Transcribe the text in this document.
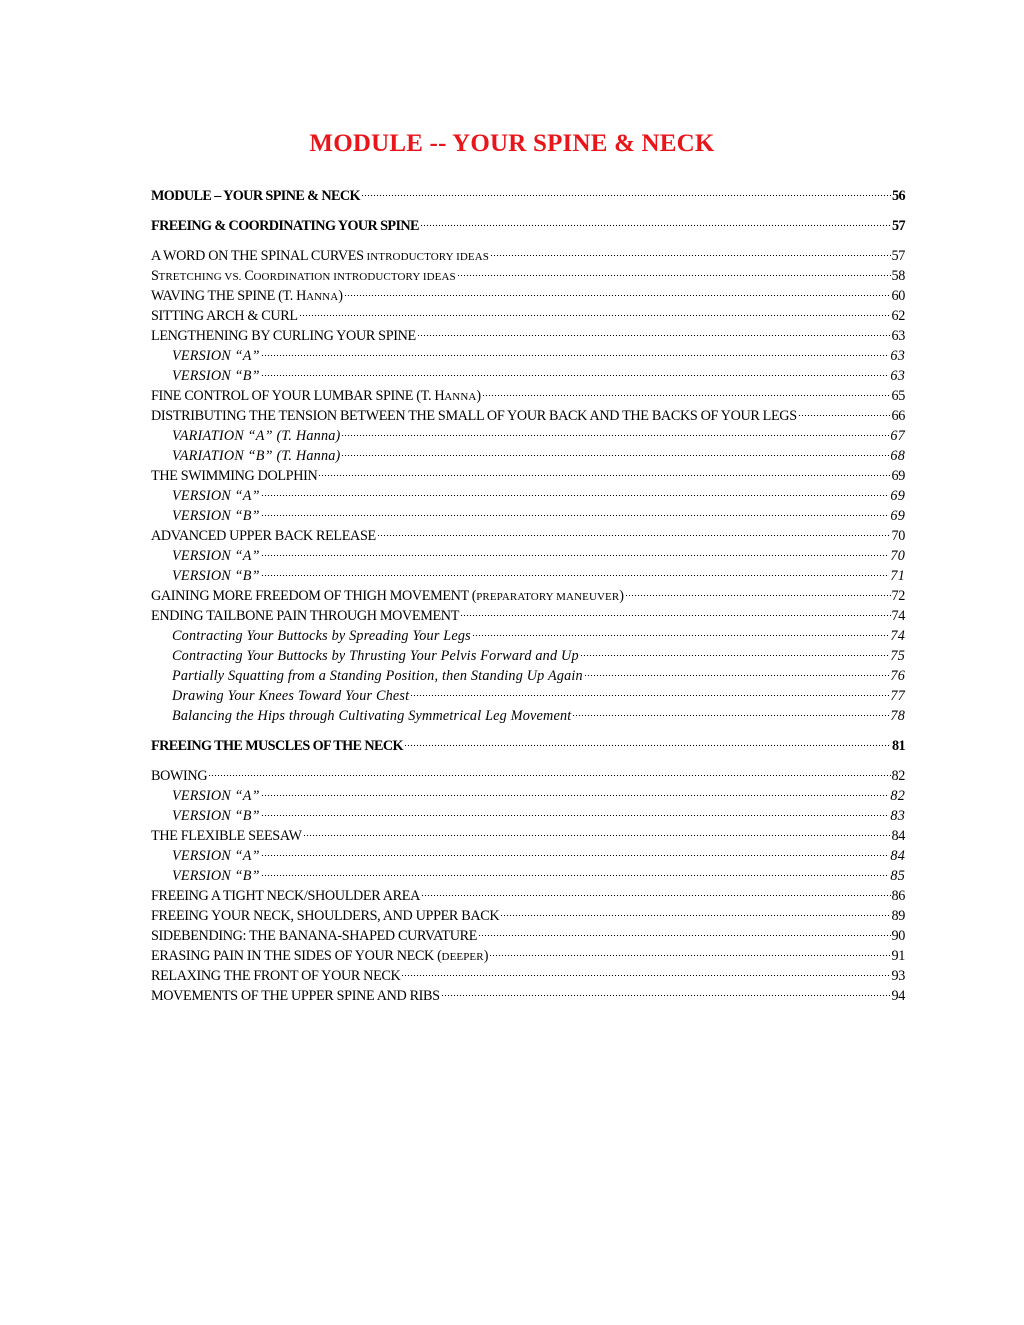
MODULE -- YOUR SPINE & NECK
MODULE – YOUR SPINE & NECK	56
FREEING & COORDINATING YOUR SPINE	57
A WORD ON THE SPINAL CURVES INTRODUCTORY IDEAS	57
STRETCHING VS. COORDINATION INTRODUCTORY IDEAS	58
WAVING THE SPINE (T. HANNA)	60
SITTING ARCH & CURL	62
LENGTHENING BY CURLING YOUR SPINE	63
VERSION “A”	63
VERSION “B”	63
FINE CONTROL OF YOUR LUMBAR SPINE (T. HANNA)	65
DISTRIBUTING THE TENSION BETWEEN THE SMALL OF YOUR BACK AND THE BACKS OF YOUR LEGS	66
VARIATION “A” (T. Hanna)	67
VARIATION “B” (T. Hanna)	68
THE SWIMMING DOLPHIN	69
VERSION “A”	69
VERSION “B”	69
ADVANCED UPPER BACK RELEASE	70
VERSION “A”	70
VERSION “B”	71
GAINING MORE FREEDOM OF THIGH MOVEMENT (PREPARATORY MANEUVER)	72
ENDING TAILBONE PAIN THROUGH MOVEMENT	74
Contracting Your Buttocks by Spreading Your Legs	74
Contracting Your Buttocks by Thrusting Your Pelvis Forward and Up	75
Partially Squatting from a Standing Position, then Standing Up Again	76
Drawing Your Knees Toward Your Chest	77
Balancing the Hips through Cultivating Symmetrical Leg Movement	78
FREEING THE MUSCLES OF THE NECK	81
BOWING	82
VERSION “A”	82
VERSION “B”	83
THE FLEXIBLE SEESAW	84
VERSION “A”	84
VERSION “B”	85
FREEING A TIGHT NECK/SHOULDER AREA	86
FREEING YOUR NECK, SHOULDERS, AND UPPER BACK	89
SIDEBENDING: THE BANANA-SHAPED CURVATURE	90
ERASING PAIN IN THE SIDES OF YOUR NECK (DEEPER)	91
RELAXING THE FRONT OF YOUR NECK	93
MOVEMENTS OF THE UPPER SPINE AND RIBS	94
